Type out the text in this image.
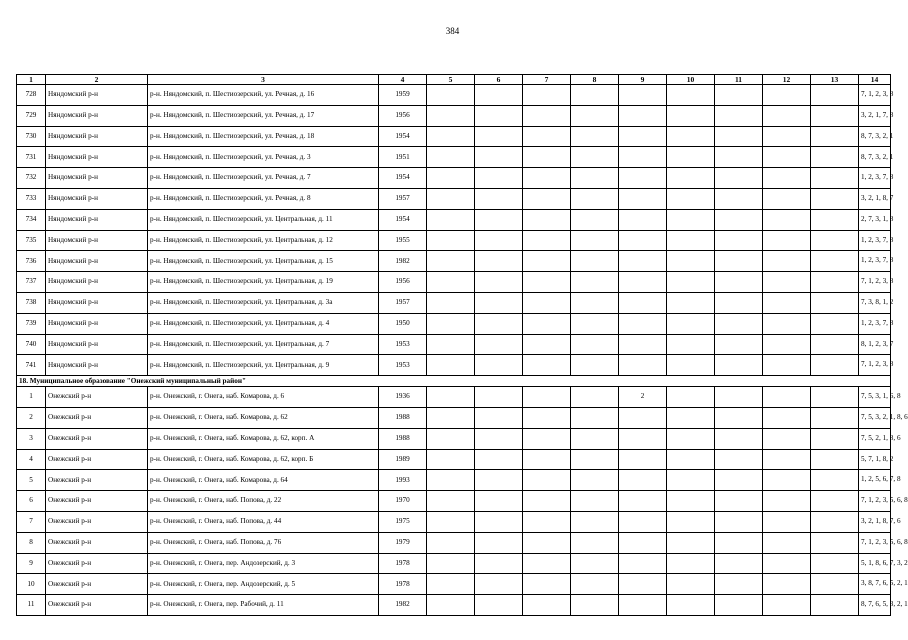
384
1	2	3	4	5	6	7	8	9	10	11	12	13	14
728	Няндомский р-н	р-н. Няндомский, п. Шестиозерский, ул. Речная, д. 16	1959										7, 1, 2, 3, 8
729	Няндомский р-н	р-н. Няндомский, п. Шестиозерский, ул. Речная, д. 17	1956										3, 2, 1, 7, 8
730	Няндомский р-н	р-н. Няндомский, п. Шестиозерский, ул. Речная, д. 18	1954										8, 7, 3, 2, 1
731	Няндомский р-н	р-н. Няндомский, п. Шестиозерский, ул. Речная, д. 3	1951										8, 7, 3, 2, 1
732	Няндомский р-н	р-н. Няндомский, п. Шестиозерский, ул. Речная, д. 7	1954										1, 2, 3, 7, 8
733	Няндомский р-н	р-н. Няндомский, п. Шестиозерский, ул. Речная, д. 8	1957										3, 2, 1, 8, 7
734	Няндомский р-н	р-н. Няндомский, п. Шестиозерский, ул. Центральная, д. 11	1954										2, 7, 3, 1, 8
735	Няндомский р-н	р-н. Няндомский, п. Шестиозерский, ул. Центральная, д. 12	1955										1, 2, 3, 7, 8
736	Няндомский р-н	р-н. Няндомский, п. Шестиозерский, ул. Центральная, д. 15	1982										1, 2, 3, 7, 8
737	Няндомский р-н	р-н. Няндомский, п. Шестиозерский, ул. Центральная, д. 19	1956										7, 1, 2, 3, 8
738	Няндомский р-н	р-н. Няндомский, п. Шестиозерский, ул. Центральная, д. 3а	1957										7, 3, 8, 1, 2
739	Няндомский р-н	р-н. Няндомский, п. Шестиозерский, ул. Центральная, д. 4	1950										1, 2, 3, 7, 8
740	Няндомский р-н	р-н. Няндомский, п. Шестиозерский, ул. Центральная, д. 7	1953										8, 1, 2, 3, 7
741	Няндомский р-н	р-н. Няндомский, п. Шестиозерский, ул. Центральная, д. 9	1953										7, 1, 2, 3, 8
18. Муниципальное образование "Онежский муниципальный район"													
1	Онежский р-н	р-н. Онежский, г. Онега, наб. Комарова, д. 6	1936					2					7, 5, 3, 1, 6, 8
2	Онежский р-н	р-н. Онежский, г. Онега, наб. Комарова, д. 62	1988										7, 5, 3, 2, 1, 8, 6
3	Онежский р-н	р-н. Онежский, г. Онега, наб. Комарова, д. 62, корп. А	1988										7, 5, 2, 1, 8, 6
4	Онежский р-н	р-н. Онежский, г. Онега, наб. Комарова, д. 62, корп. Б	1989										5, 7, 1, 8, 2
5	Онежский р-н	р-н. Онежский, г. Онега, наб. Комарова, д. 64	1993										1, 2, 5, 6, 7, 8
6	Онежский р-н	р-н. Онежский, г. Онега, наб. Попова, д. 22	1970										7, 1, 2, 3, 5, 6, 8
7	Онежский р-н	р-н. Онежский, г. Онега, наб. Попова, д. 44	1975										3, 2, 1, 8, 7, 6
8	Онежский р-н	р-н. Онежский, г. Онега, наб. Попова, д. 76	1979										7, 1, 2, 3, 5, 6, 8
9	Онежский р-н	р-н. Онежский, г. Онега, пер. Андозерский, д. 3	1978										5, 1, 8, 6, 7, 3, 2
10	Онежский р-н	р-н. Онежский, г. Онега, пер. Андозерский, д. 5	1978										3, 8, 7, 6, 5, 2, 1
11	Онежский р-н	р-н. Онежский, г. Онега, пер. Рабочий, д. 11	1982										8, 7, 6, 5, 3, 2, 1
